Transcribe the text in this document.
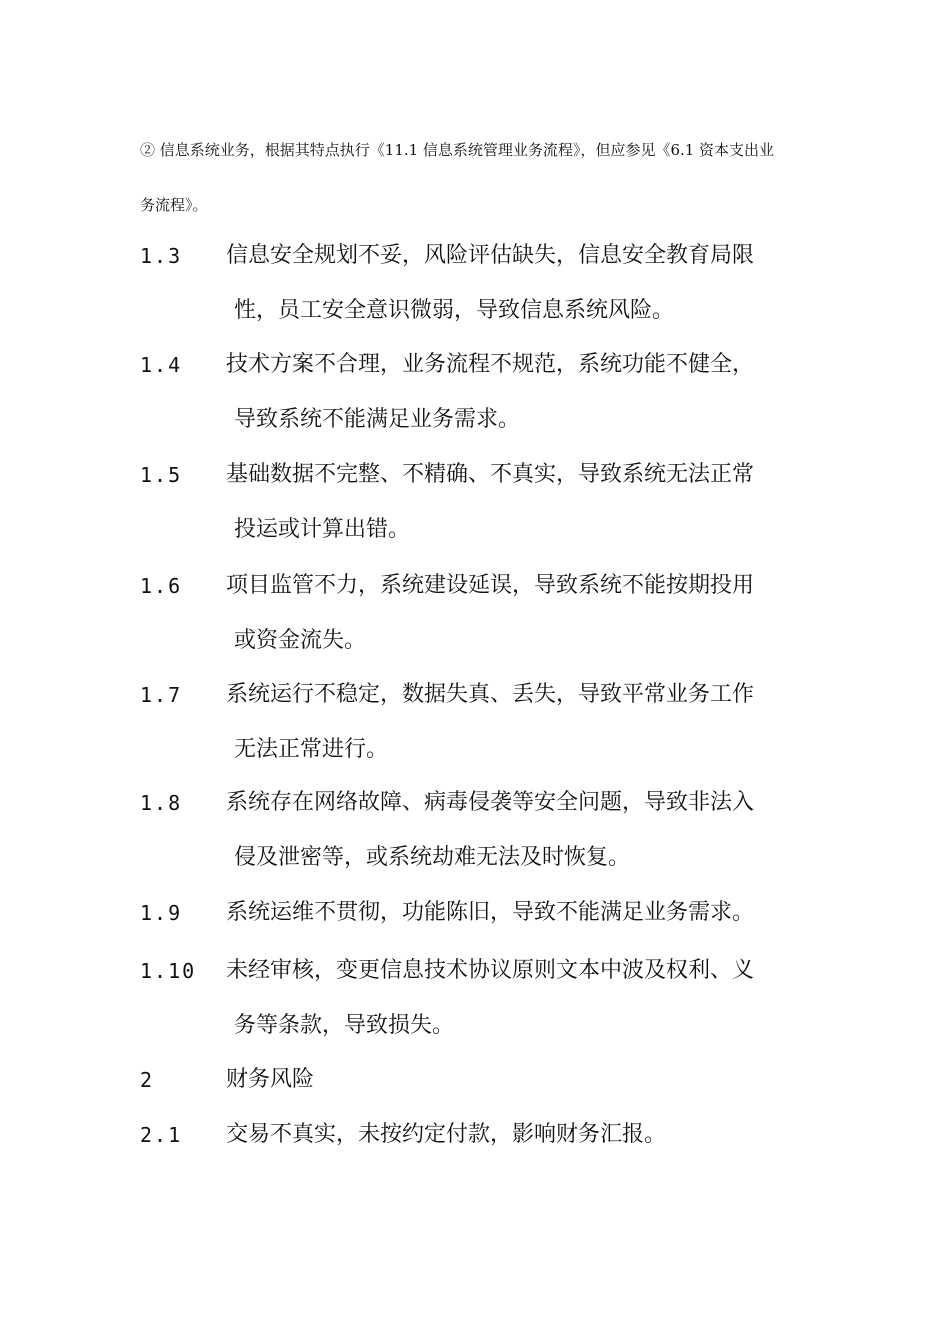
② 信息系统业务，根据其特点执行《11.1 信息系统管理业务流程》，但应参见《6.1 资本支出业
务流程》。
1.3 信息安全规划不妥，风险评估缺失，信息安全教育局限
性，员工安全意识微弱，导致信息系统风险。
1.4 技术方案不合理，业务流程不规范，系统功能不健全，
导致系统不能满足业务需求。
1.5 基础数据不完整、不精确、不真实，导致系统无法正常
投运或计算出错。
1.6 项目监管不力，系统建设延误，导致系统不能按期投用
或资金流失。
1.7 系统运行不稳定，数据失真、丢失，导致平常业务工作
无法正常进行。
1.8 系统存在网络故障、病毒侵袭等安全问题，导致非法入
侵及泄密等，或系统劫难无法及时恢复。
1.9 系统运维不贯彻，功能陈旧，导致不能满足业务需求。
1.10 未经审核，变更信息技术协议原则文本中波及权利、义
务等条款，导致损失。
2	财务风险
2.1 交易不真实，未按约定付款，影响财务汇报。
